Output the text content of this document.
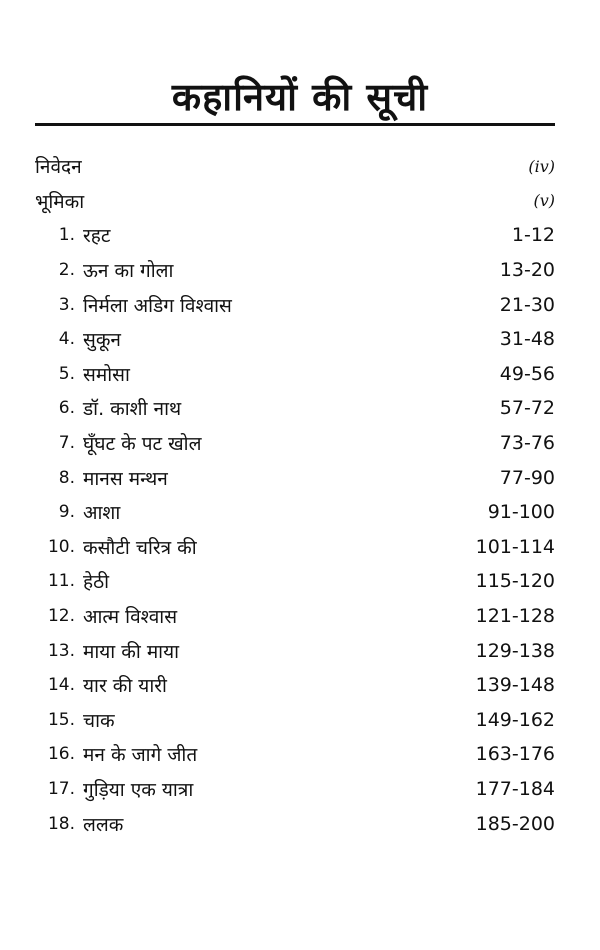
कहानियों की सूची
निवेदन	(iv)
भूमिका	(v)
1. रहट	1-12
2. ऊन का गोला	13-20
3. निर्मला अडिग विश्वास	21-30
4. सुकून	31-48
5. समोसा	49-56
6. डॉ. काशी नाथ	57-72
7. घूँघट के पट खोल	73-76
8. मानस मन्थन	77-90
9. आशा	91-100
10. कसौटी चरित्र की	101-114
11. हेठी	115-120
12. आत्म विश्वास	121-128
13. माया की माया	129-138
14. यार की यारी	139-148
15. चाक	149-162
16. मन के जागे जीत	163-176
17. गुड़िया एक यात्रा	177-184
18. ललक	185-200
